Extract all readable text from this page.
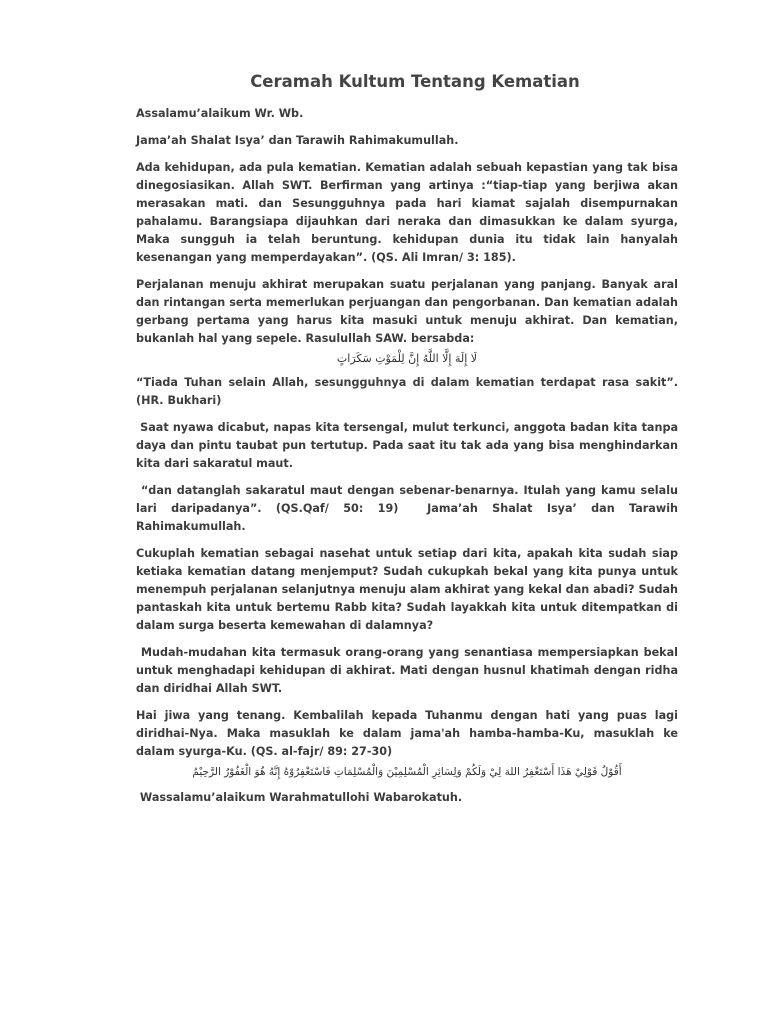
Ceramah Kultum Tentang Kematian

Assalamu’alaikum Wr. Wb.

Jama’ah Shalat Isya’ dan Tarawih Rahimakumullah.

Ada kehidupan, ada pula kematian. Kematian adalah sebuah kepastian yang tak bisa dinegosiasikan. Allah SWT. Berfirman yang artinya :“tiap-tiap yang berjiwa akan merasakan mati. dan Sesungguhnya pada hari kiamat sajalah disempurnakan pahalamu. Barangsiapa dijauhkan dari neraka dan dimasukkan ke dalam syurga, Maka sungguh ia telah beruntung. kehidupan dunia itu tidak lain hanyalah kesenangan yang memperdayakan”. (QS. Ali Imran/ 3: 185).

Perjalanan menuju akhirat merupakan suatu perjalanan yang panjang. Banyak aral dan rintangan serta memerlukan perjuangan dan pengorbanan. Dan kematian adalah gerbang pertama yang harus kita masuki untuk menuju akhirat. Dan kematian, bukanlah hal yang sepele. Rasulullah SAW. bersabda:

لَا إِلَهَ إِلَّا اللَّهُ إِنَّ لِلْمَوْتِ سَكَرَاتٍ

“Tiada Tuhan selain Allah, sesungguhnya di dalam kematian terdapat rasa sakit”. (HR. Bukhari)

Saat nyawa dicabut, napas kita tersengal, mulut terkunci, anggota badan kita tanpa daya dan pintu taubat pun tertutup. Pada saat itu tak ada yang bisa menghindarkan kita dari sakaratul maut.

“dan datanglah sakaratul maut dengan sebenar-benarnya. Itulah yang kamu selalu lari daripadanya”. (QS.Qaf/ 50: 19)  Jama’ah Shalat Isya’ dan Tarawih Rahimakumullah.

Cukuplah kematian sebagai nasehat untuk setiap dari kita, apakah kita sudah siap ketiaka kematian datang menjemput? Sudah cukupkah bekal yang kita punya untuk menempuh perjalanan selanjutnya menuju alam akhirat yang kekal dan abadi? Sudah pantaskah kita untuk bertemu Rabb kita? Sudah layakkah kita untuk ditempatkan di dalam surga beserta kemewahan di dalamnya?

Mudah-mudahan kita termasuk orang-orang yang senantiasa mempersiapkan bekal untuk menghadapi kehidupan di akhirat. Mati dengan husnul khatimah dengan ridha dan diridhai Allah SWT.

Hai jiwa yang tenang. Kembalilah kepada Tuhanmu dengan hati yang puas lagi diridhai-Nya. Maka masuklah ke dalam jama'ah hamba-hamba-Ku, masuklah ke dalam syurga-Ku. (QS. al-fajr/ 89: 27-30)

أَقُوْلُ قَوْلِيْ هَذَا أَسْتَغْفِرُ اللهَ لِيْ وَلَكُمْ وَلِسَائِرِ الْمُسْلِمِيْنَ وَالْمُسْلِمَاتِ فَاسْتَغْفِرُوْهُ إِنَّهُ هُوَ الْغَفُوْرُ الرَّحِيْمُ

Wassalamu’alaikum Warahmatullohi Wabarokatuh.
